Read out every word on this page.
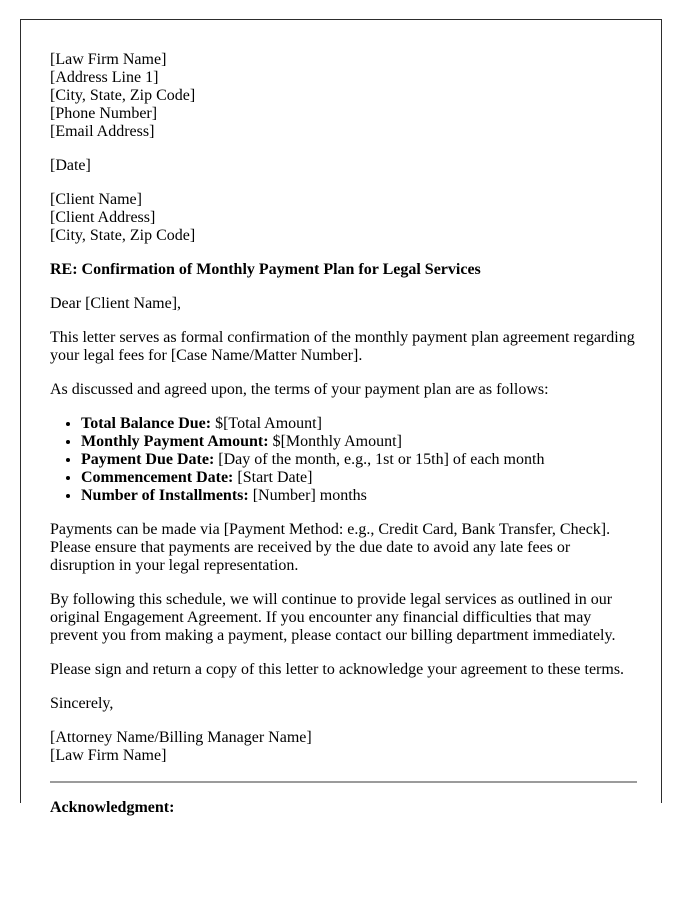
[Law Firm Name]
[Address Line 1]
[City, State, Zip Code]
[Phone Number]
[Email Address]

[Date]

[Client Name]
[Client Address]
[City, State, Zip Code]

RE: Confirmation of Monthly Payment Plan for Legal Services

Dear [Client Name],

This letter serves as formal confirmation of the monthly payment plan agreement regarding your legal fees for [Case Name/Matter Number].

As discussed and agreed upon, the terms of your payment plan are as follows:

• Total Balance Due: $[Total Amount]
• Monthly Payment Amount: $[Monthly Amount]
• Payment Due Date: [Day of the month, e.g., 1st or 15th] of each month
• Commencement Date: [Start Date]
• Number of Installments: [Number] months

Payments can be made via [Payment Method: e.g., Credit Card, Bank Transfer, Check]. Please ensure that payments are received by the due date to avoid any late fees or disruption in your legal representation.

By following this schedule, we will continue to provide legal services as outlined in our original Engagement Agreement. If you encounter any financial difficulties that may prevent you from making a payment, please contact our billing department immediately.

Please sign and return a copy of this letter to acknowledge your agreement to these terms.

Sincerely,

[Attorney Name/Billing Manager Name]
[Law Firm Name]

Acknowledgment:
